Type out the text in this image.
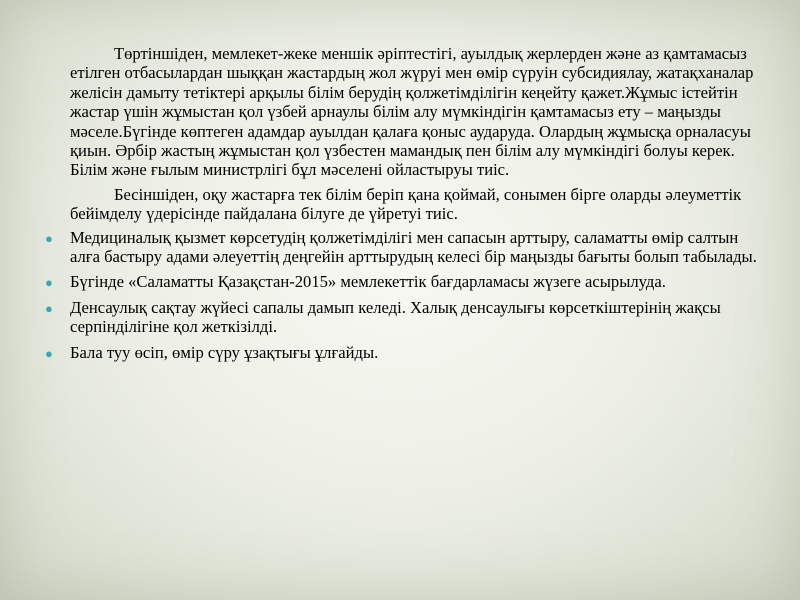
Төртіншіден, мемлекет-жеке меншік әріптестігі, ауылдық жерлерден және аз қамтамасыз етілген отбасылардан шыққан жастардың жол жүруі мен өмір сүруін субсидиялау, жатақханалар желісін дамыту тетіктері арқылы білім берудің қолжетімділігін кеңейту қажет.Жұмыс істейтін жастар үшін жұмыстан қол үзбей арнаулы білім алу мүмкіндігін қамтамасыз ету – маңызды мәселе.Бүгінде көптеген адамдар ауылдан қалаға қоныс аударуда. Олардың жұмысқа орналасуы қиын. Әрбір жастың жұмыстан қол үзбестен мамандық пен білім алу мүмкіндігі болуы керек. Білім және ғылым министрлігі бұл мәселені ойластыруы тиіс.

Бесіншіден, оқу жастарға тек білім беріп қана қоймай, сонымен бірге оларды әлеуметтік бейімделу үдерісінде пайдалана білуге де үйретуі тиіс.

● Медициналық қызмет көрсетудің қолжетімділігі мен сапасын арттыру, саламатты өмір салтын алға бастыру адами әлеуеттің деңгейін арттырудың келесі бір маңызды бағыты болып табылады.
● Бүгінде «Саламатты Қазақстан-2015» мемлекеттік бағдарламасы жүзеге асырылуда.
● Денсаулық сақтау жүйесі сапалы дамып келеді. Халық денсаулығы көрсеткіштерінің жақсы серпінділігіне қол жеткізілді.
● Бала туу өсіп, өмір сүру ұзақтығы ұлғайды.
